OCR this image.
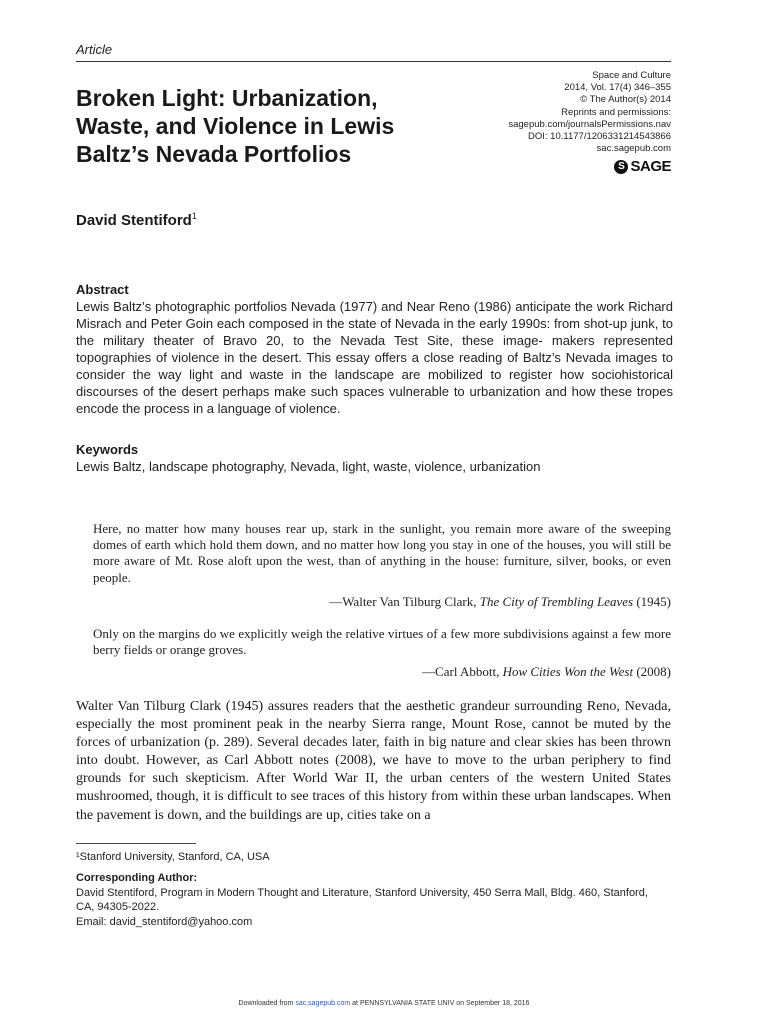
Article
Broken Light: Urbanization,
Waste, and Violence in Lewis
Baltz’s Nevada Portfolios
Space and Culture
2014, Vol. 17(4) 346–355
© The Author(s) 2014
Reprints and permissions:
sagepub.com/journalsPermissions.nav
DOI: 10.1177/1206331214543866
sac.sagepub.com
S SAGE
David Stentiford$^1$
Abstract

Lewis Baltz’s photographic portfolios Nevada (1977) and Near Reno (1986) anticipate the work Richard Misrach and Peter Goin each composed in the state of Nevada in the early 1990s: from shot-up junk, to the military theater of Bravo 20, to the Nevada Test Site, these image- makers represented topographies of violence in the desert. This essay offers a close reading of Baltz’s Nevada images to consider the way light and waste in the landscape are mobilized to register how sociohistorical discourses of the desert perhaps make such spaces vulnerable to urbanization and how these tropes encode the process in a language of violence.

Keywords
Lewis Baltz, landscape photography, Nevada, light, waste, violence, urbanization

Here, no matter how many houses rear up, stark in the sunlight, you remain more aware of the sweeping domes of earth which hold them down, and no matter how long you stay in one of the houses, you will still be more aware of Mt. Rose aloft upon the west, than of anything in the house: furniture, silver, books, or even people.

—Walter Van Tilburg Clark, The City of Trembling Leaves (1945)

Only on the margins do we explicitly weigh the relative virtues of a few more subdivisions against a few more berry fields or orange groves.

—Carl Abbott, How Cities Won the West (2008)

Walter Van Tilburg Clark (1945) assures readers that the aesthetic grandeur surrounding Reno, Nevada, especially the most prominent peak in the nearby Sierra range, Mount Rose, cannot be muted by the forces of urbanization (p. 289). Several decades later, faith in big nature and clear skies has been thrown into doubt. However, as Carl Abbott notes (2008), we have to move to the urban periphery to find grounds for such skepticism. After World War II, the urban centers of the western United States mushroomed, though, it is difficult to see traces of this history from within these urban landscapes. When the pavement is down, and the buildings are up, cities take on a

¹Stanford University, Stanford, CA, USA
Corresponding Author:

David Stentiford, Program in Modern Thought and Literature, Stanford University, 450 Serra Mall, Bldg. 460, Stanford,
CA, 94305-2022.
Email: david_stentiford@yahoo.com

Downloaded from sac.sagepub.com at PENNSYLVANIA STATE UNIV on September 18, 2016
